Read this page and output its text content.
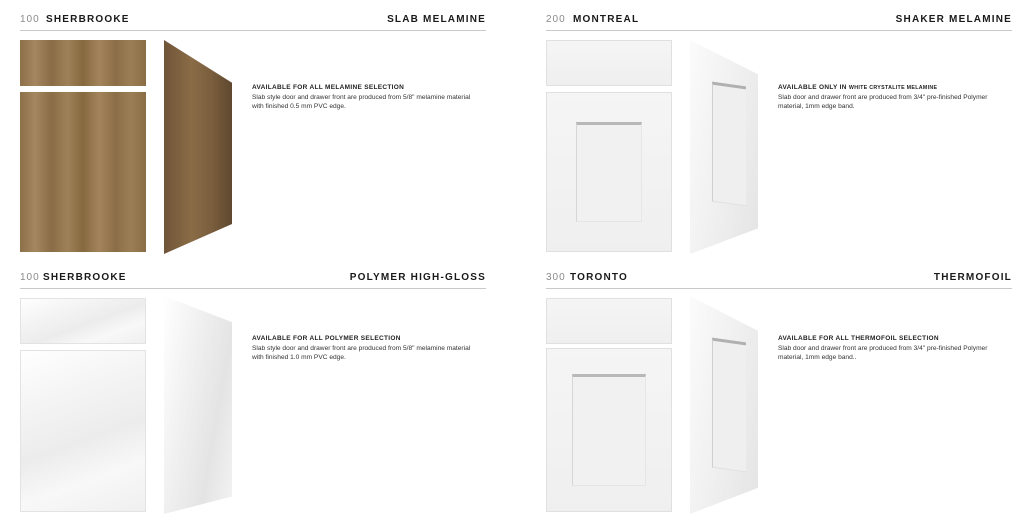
100 SHERBROOKE	SLAB MELAMINE
AVAILABLE FOR ALL MELAMINE SELECTION
Slab style door and drawer front are produced from 5/8" melamine material with finished 0.5 mm PVC edge.
200 MONTREAL	SHAKER MELAMINE
AVAILABLE ONLY IN WHITE CRYSTALITE MELAMINE
Slab door and drawer front are produced from 3/4" pre-finished Polymer material, 1mm edge band.
100 SHERBROOKE	POLYMER HIGH-GLOSS
AVAILABLE FOR ALL POLYMER SELECTION
Slab style door and drawer front are produced from 5/8" melamine material with finished 1.0 mm PVC edge.
300 TORONTO	THERMOFOIL
AVAILABLE FOR ALL THERMOFOIL SELECTION
Slab door and drawer front are produced from 3/4" pre-finished Polymer material, 1mm edge band..
